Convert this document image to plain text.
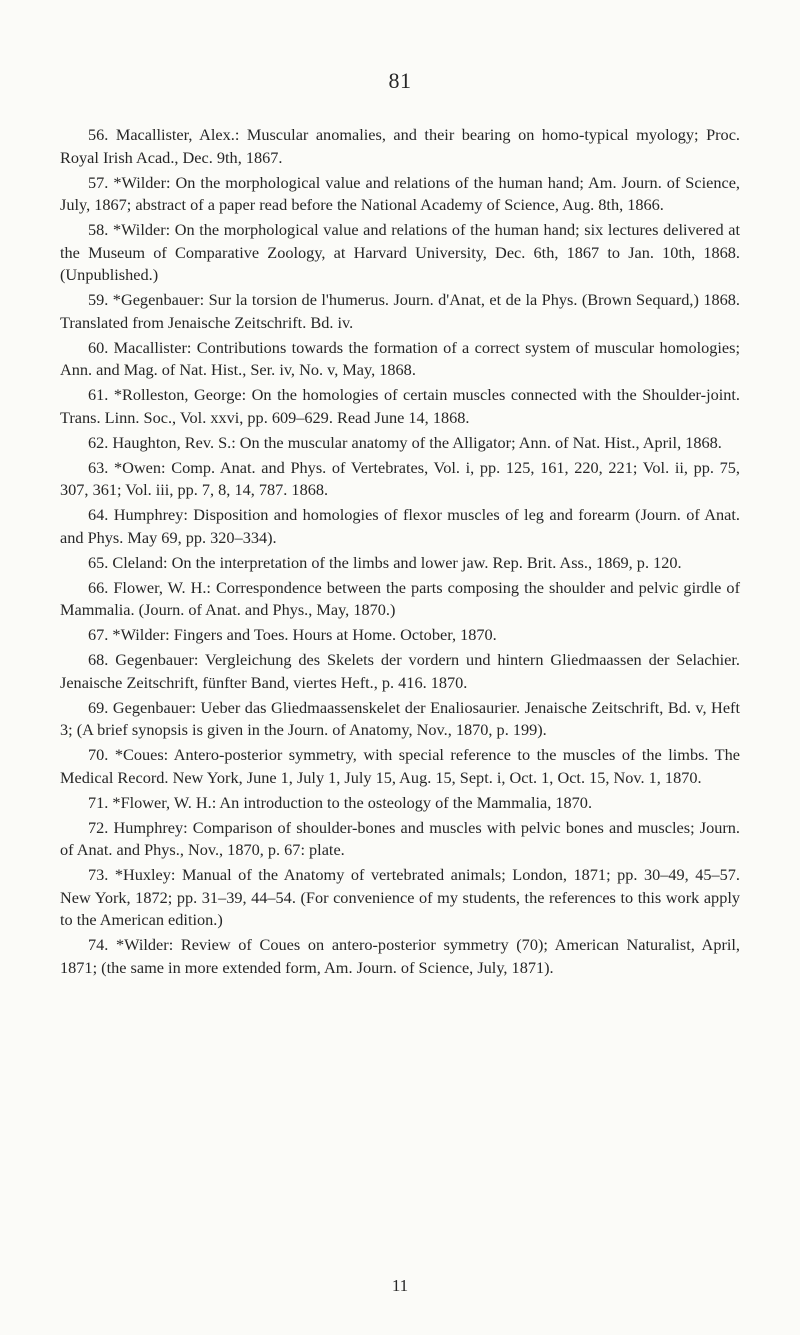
81

56. Macallister, Alex.: Muscular anomalies, and their bearing on homo-typical myology; Proc. Royal Irish Acad., Dec. 9th, 1867.

57. *Wilder: On the morphological value and relations of the human hand; Am. Journ. of Science, July, 1867; abstract of a paper read before the National Academy of Science, Aug. 8th, 1866.

58. *Wilder: On the morphological value and relations of the human hand; six lectures delivered at the Museum of Comparative Zoology, at Harvard University, Dec. 6th, 1867 to Jan. 10th, 1868. (Unpublished.)

59. *Gegenbauer: Sur la torsion de l'humerus. Journ. d'Anat, et de la Phys. (Brown Sequard,) 1868. Translated from Jenaische Zeitschrift. Bd. iv.

60. Macallister: Contributions towards the formation of a correct system of muscular homologies; Ann. and Mag. of Nat. Hist., Ser. iv, No. v, May, 1868.

61. *Rolleston, George: On the homologies of certain muscles connected with the Shoulder-joint. Trans. Linn. Soc., Vol. xxvi, pp. 609–629. Read June 14, 1868.

62. Haughton, Rev. S.: On the muscular anatomy of the Alligator; Ann. of Nat. Hist., April, 1868.

63. *Owen: Comp. Anat. and Phys. of Vertebrates, Vol. i, pp. 125, 161, 220, 221; Vol. ii, pp. 75, 307, 361; Vol. iii, pp. 7, 8, 14, 787. 1868.

64. Humphrey: Disposition and homologies of flexor muscles of leg and forearm (Journ. of Anat. and Phys. May 69, pp. 320–334).

65. Cleland: On the interpretation of the limbs and lower jaw. Rep. Brit. Ass., 1869, p. 120.

66. Flower, W. H.: Correspondence between the parts composing the shoulder and pelvic girdle of Mammalia. (Journ. of Anat. and Phys., May, 1870.)

67. *Wilder: Fingers and Toes. Hours at Home. October, 1870.

68. Gegenbauer: Vergleichung des Skelets der vordern und hintern Gliedmaassen der Selachier. Jenaische Zeitschrift, fünfter Band, viertes Heft., p. 416. 1870.

69. Gegenbauer: Ueber das Gliedmaassenskelet der Enaliosaurier. Jenaische Zeitschrift, Bd. v, Heft 3; (A brief synopsis is given in the Journ. of Anatomy, Nov., 1870, p. 199).

70. *Coues: Antero-posterior symmetry, with special reference to the muscles of the limbs. The Medical Record. New York, June 1, July 1, July 15, Aug. 15, Sept. i, Oct. 1, Oct. 15, Nov. 1, 1870.

71. *Flower, W. H.: An introduction to the osteology of the Mammalia, 1870.

72. Humphrey: Comparison of shoulder-bones and muscles with pelvic bones and muscles; Journ. of Anat. and Phys., Nov., 1870, p. 67: plate.

73. *Huxley: Manual of the Anatomy of vertebrated animals; London, 1871; pp. 30–49, 45–57. New York, 1872; pp. 31–39, 44–54. (For convenience of my students, the references to this work apply to the American edition.)

74. *Wilder: Review of Coues on antero-posterior symmetry (70); American Naturalist, April, 1871; (the same in more extended form, Am. Journ. of Science, July, 1871).

11
